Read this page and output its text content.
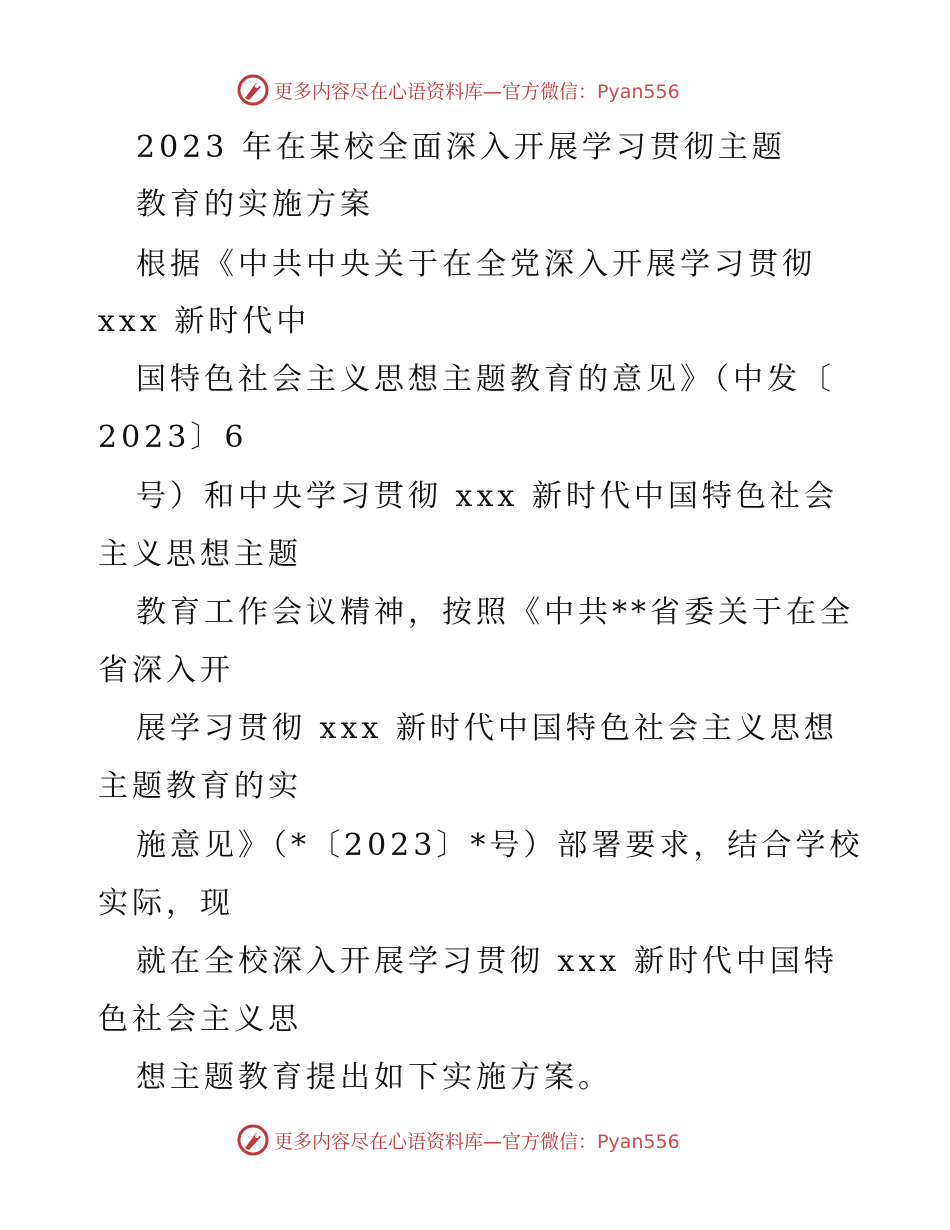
更多内容尽在心语资料库—官方微信：Pyan556
2023 年在某校全面深入开展学习贯彻主题
教育的实施方案
根据《中共中央关于在全党深入开展学习贯彻
xxx 新时代中
国特色社会主义思想主题教育的意见》（中发〔
2023〕6
号）和中央学习贯彻 xxx 新时代中国特色社会
主义思想主题
教育工作会议精神，按照《中共**省委关于在全
省深入开
展学习贯彻 xxx 新时代中国特色社会主义思想
主题教育的实
施意见》（*〔2023〕*号）部署要求，结合学校
实际，现
就在全校深入开展学习贯彻 xxx 新时代中国特
色社会主义思
想主题教育提出如下实施方案。
更多内容尽在心语资料库—官方微信：Pyan556
